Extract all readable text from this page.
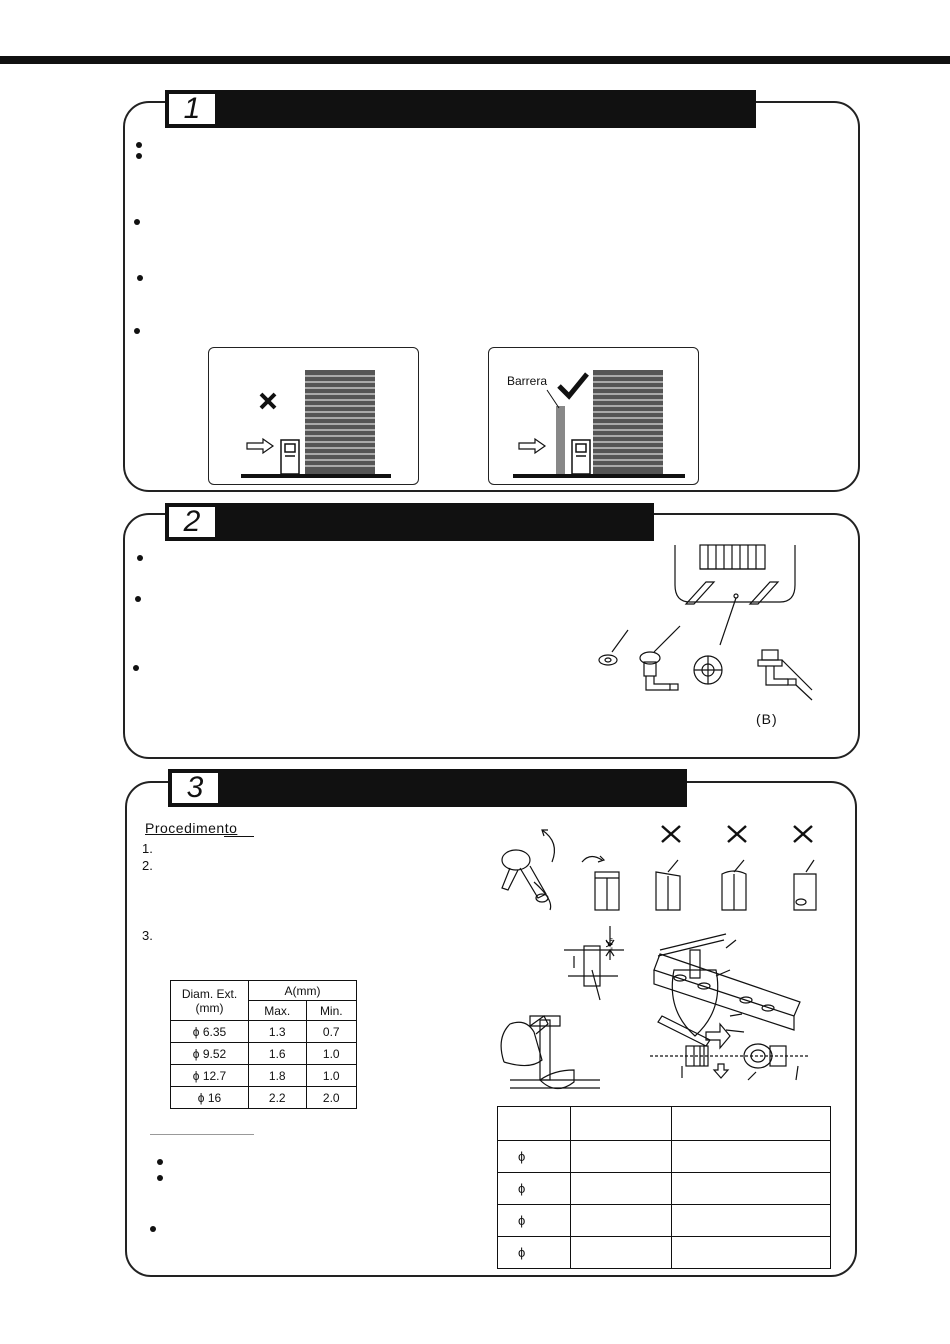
1
Barrera
2
(B)
3
Procedimento
1.
2.
3.
Diam. Ext.
(mm)	A(mm)	
	Max.	Min.
ϕ 6.35	1.3	0.7
ϕ 9.52	1.6	1.0
ϕ 12.7	1.8	1.0
ϕ 16	2.2	2.0
"A"

ϕ		
ϕ		
ϕ		
ϕ		
